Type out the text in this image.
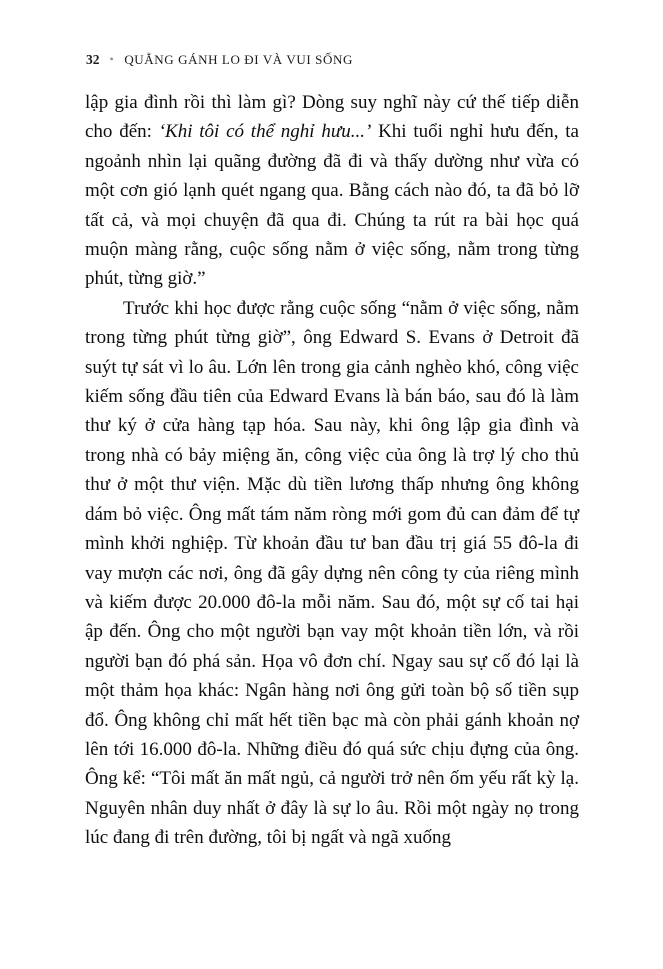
32 • QUẲNG GÁNH LO ĐI VÀ VUI SỐNG

lập gia đình rồi thì làm gì? Dòng suy nghĩ này cứ thế tiếp diễn cho đến: ‘Khi tôi có thể nghỉ hưu...’ Khi tuổi nghỉ hưu đến, ta ngoảnh nhìn lại quãng đường đã đi và thấy dường như vừa có một cơn gió lạnh quét ngang qua. Bằng cách nào đó, ta đã bỏ lỡ tất cả, và mọi chuyện đã qua đi. Chúng ta rút ra bài học quá muộn màng rằng, cuộc sống nằm ở việc sống, nằm trong từng phút, từng giờ.”

Trước khi học được rằng cuộc sống “nằm ở việc sống, nằm trong từng phút từng giờ”, ông Edward S. Evans ở Detroit đã suýt tự sát vì lo âu. Lớn lên trong gia cảnh nghèo khó, công việc kiếm sống đầu tiên của Edward Evans là bán báo, sau đó là làm thư ký ở cửa hàng tạp hóa. Sau này, khi ông lập gia đình và trong nhà có bảy miệng ăn, công việc của ông là trợ lý cho thủ thư ở một thư viện. Mặc dù tiền lương thấp nhưng ông không dám bỏ việc. Ông mất tám năm ròng mới gom đủ can đảm để tự mình khởi nghiệp. Từ khoản đầu tư ban đầu trị giá 55 đô-la đi vay mượn các nơi, ông đã gây dựng nên công ty của riêng mình và kiếm được 20.000 đô-la mỗi năm. Sau đó, một sự cố tai hại ập đến. Ông cho một người bạn vay một khoản tiền lớn, và rồi người bạn đó phá sản. Họa vô đơn chí. Ngay sau sự cố đó lại là một thảm họa khác: Ngân hàng nơi ông gửi toàn bộ số tiền sụp đổ. Ông không chỉ mất hết tiền bạc mà còn phải gánh khoản nợ lên tới 16.000 đô-la. Những điều đó quá sức chịu đựng của ông. Ông kể: “Tôi mất ăn mất ngủ, cả người trở nên ốm yếu rất kỳ lạ. Nguyên nhân duy nhất ở đây là sự lo âu. Rồi một ngày nọ trong lúc đang đi trên đường, tôi bị ngất và ngã xuống
